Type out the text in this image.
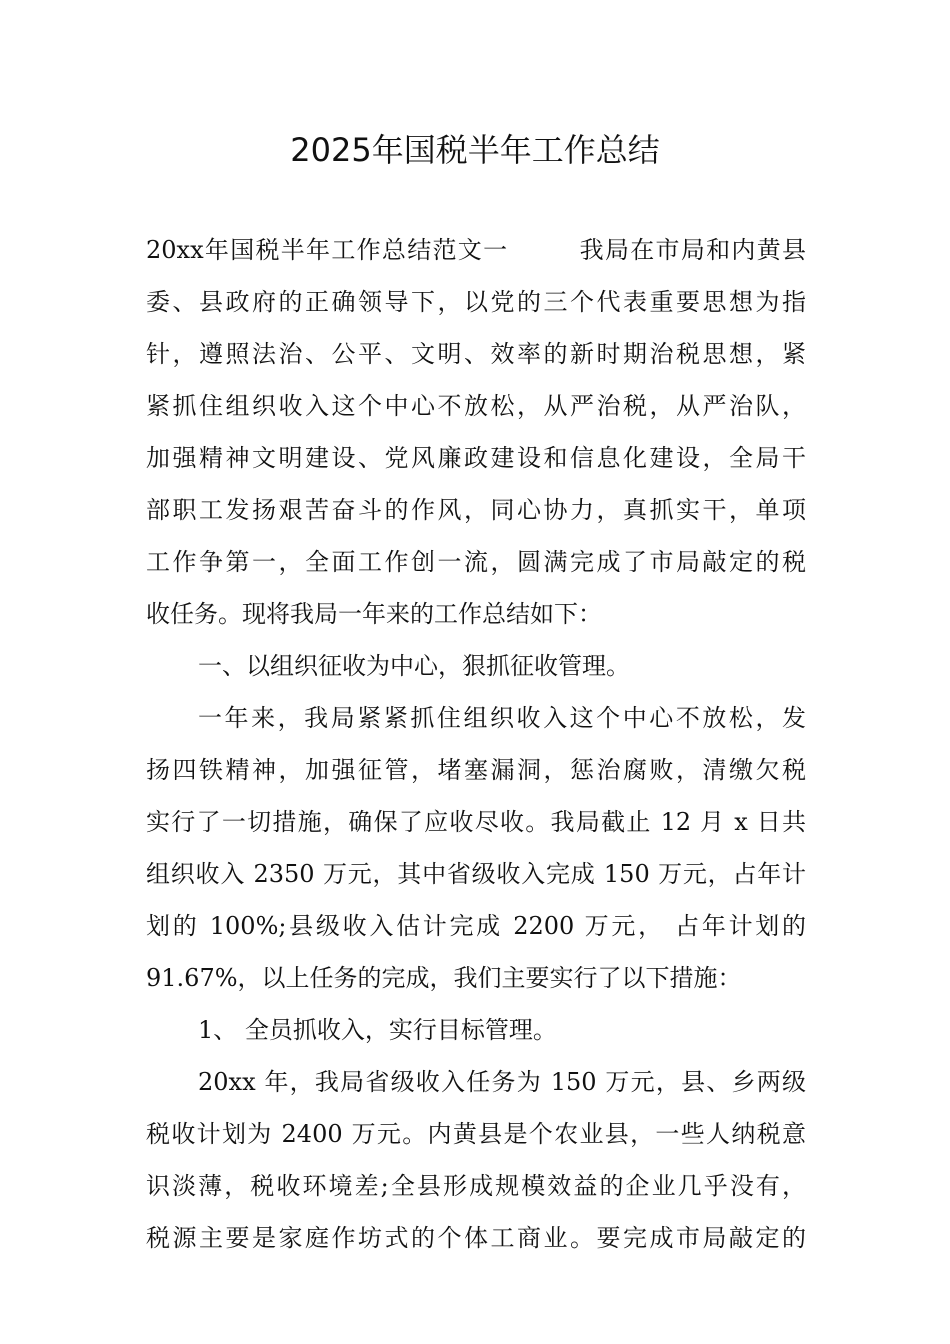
2025年国税半年工作总结
20xx年国税半年工作总结范文一	我局在市局和内黄县
委、县政府的正确领导下，以党的三个代表重要思想为指
针，遵照法治、公平、文明、效率的新时期治税思想，紧
紧抓住组织收入这个中心不放松，从严治税，从严治队，
加强精神文明建设、党风廉政建设和信息化建设，全局干
部职工发扬艰苦奋斗的作风，同心协力，真抓实干，单项
工作争第一，全面工作创一流，圆满完成了市局敲定的税
收任务。现将我局一年来的工作总结如下：
一、以组织征收为中心，狠抓征收管理。
一年来，我局紧紧抓住组织收入这个中心不放松，发
扬四铁精神，加强征管，堵塞漏洞，惩治腐败，清缴欠税
实行了一切措施，确保了应收尽收。我局截止 12 月 x 日共
组织收入 2350 万元，其中省级收入完成 150 万元，占年计
划的 100%;县级收入估计完成 2200 万元， 占年计划的
91.67%，以上任务的完成，我们主要实行了以下措施：
1、 全员抓收入，实行目标管理。
20xx 年，我局省级收入任务为 150 万元，县、乡两级
税收计划为 2400 万元。内黄县是个农业县，一些人纳税意
识淡薄，税收环境差;全县形成规模效益的企业几乎没有，
税源主要是家庭作坊式的个体工商业。要完成市局敲定的
